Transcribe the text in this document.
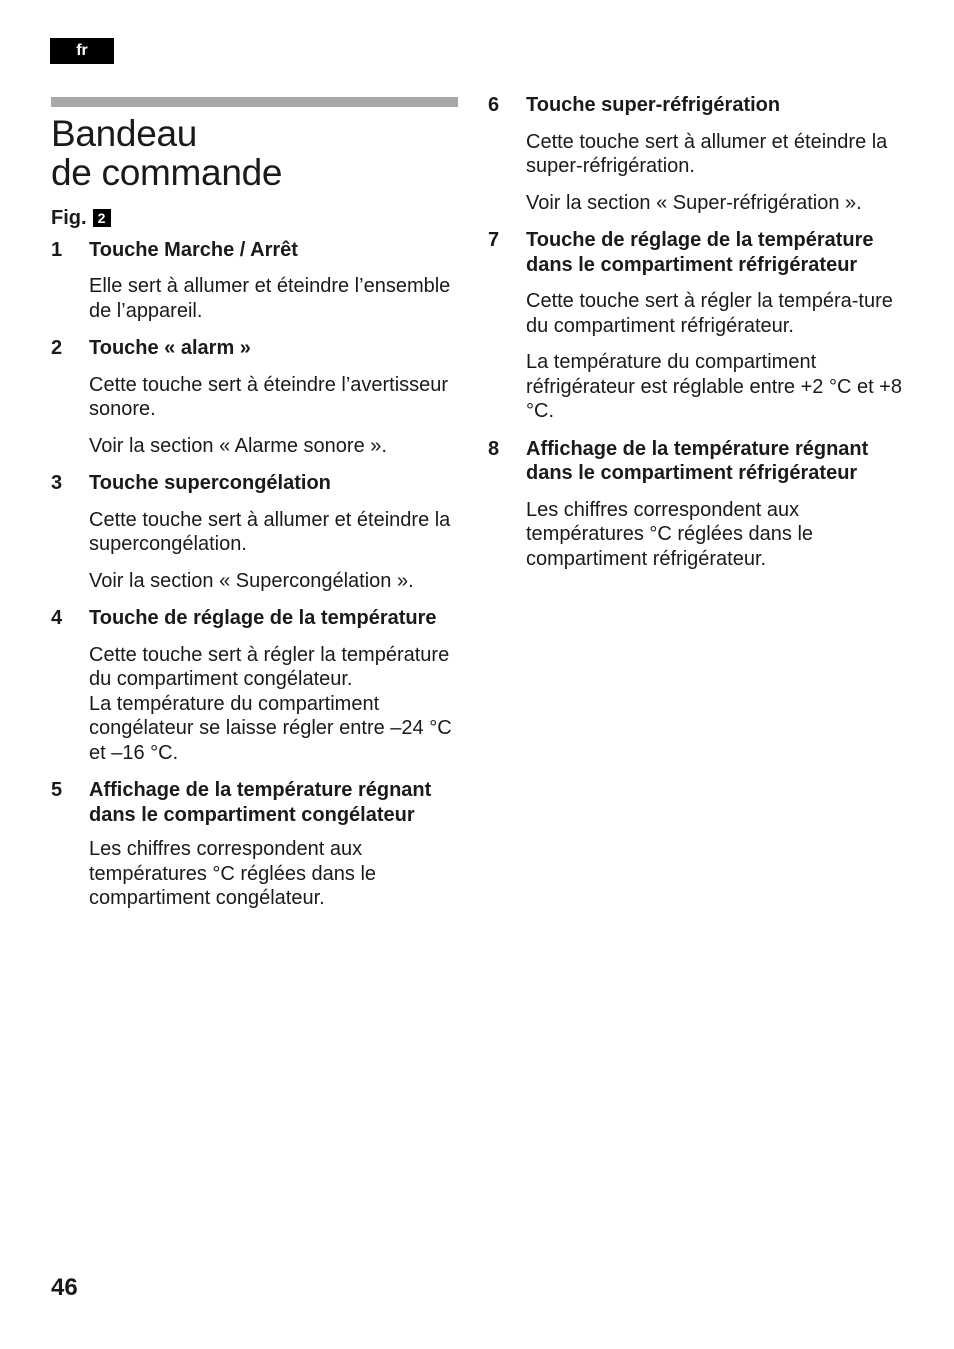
fr
Bandeau
de commande
Fig. 2
1	Touche Marche / Arrêt

Elle sert à allumer et éteindre l’ensemble de l’appareil.

2	Touche « alarm »

Cette touche sert à éteindre l’avertisseur sonore.

Voir la section « Alarme sonore ».

3	Touche supercongélation

Cette touche sert à allumer et éteindre la supercongélation.

Voir la section « Supercongélation ».

4	Touche de réglage de la température

Cette touche sert à régler la température du compartiment congélateur.

La température du compartiment congélateur se laisse régler entre –24 °C et –16 °C.

5	Affichage de la température régnant dans le compartiment congélateur

Les chiffres correspondent aux températures °C réglées dans le compartiment congélateur.

6	Touche super-réfrigération

Cette touche sert à allumer et éteindre la super-réfrigération.

Voir la section « Super-réfrigération ».

7	Touche de réglage de la température dans le compartiment réfrigérateur

Cette touche sert à régler la tempéra-ture du compartiment réfrigérateur.

La température du compartiment réfrigérateur est réglable entre +2 °C et +8 °C.

8	Affichage de la température régnant dans le compartiment réfrigérateur

Les chiffres correspondent aux températures °C réglées dans le compartiment réfrigérateur.

46
